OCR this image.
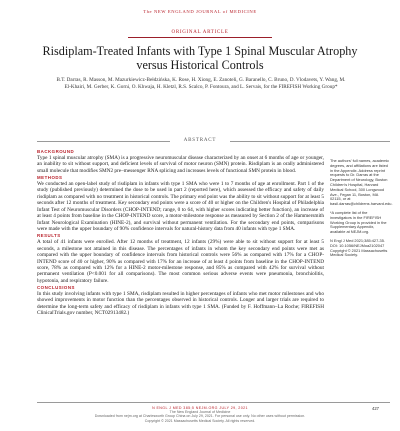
The NEW ENGLAND JOURNAL of MEDICINE
ORIGINAL ARTICLE
Risdiplam-Treated Infants with Type 1 Spinal Muscular Atrophy versus Historical Controls
B.T. Darras, R. Masson, M. Mazurkiewicz-Bełdzińska, K. Rose, H. Xiong, E. Zanoteli, G. Baranello, C. Bruno, D. Vlodavets, Y. Wang, M. El-Khairi, M. Gerber, K. Gorni, O. Khwaja, H. Kletzl, R.S. Scalco, P. Fontoura, and L. Servais, for the FIREFISH Working Group*
ABSTRACT

BACKGROUND

Type 1 spinal muscular atrophy (SMA) is a progressive neuromuscular disease characterized by an onset at 6 months of age or younger, an inability to sit without support, and deficient levels of survival of motor neuron (SMN) protein. Risdiplam is an orally administered small molecule that modifies SMN2 pre–messenger RNA splicing and increases levels of functional SMN protein in blood.

METHODS

We conducted an open-label study of risdiplam in infants with type 1 SMA who were 1 to 7 months of age at enrollment. Part 1 of the study (published previously) determined the dose to be used in part 2 (reported here), which assessed the efficacy and safety of daily risdiplam as compared with no treatment in historical controls. The primary end point was the ability to sit without support for at least 5 seconds after 12 months of treatment. Key secondary end points were a score of 40 or higher on the Children's Hospital of Philadelphia Infant Test of Neuromuscular Disorders (CHOP-INTEND; range, 0 to 64, with higher scores indicating better function), an increase of at least 4 points from baseline in the CHOP-INTEND score, a motor-milestone response as measured by Section 2 of the Hammersmith Infant Neurological Examination (HINE-2), and survival without permanent ventilation. For the secondary end points, comparisons were made with the upper boundary of 90% confidence intervals for natural-history data from 40 infants with type 1 SMA.

RESULTS

A total of 41 infants were enrolled. After 12 months of treatment, 12 infants (29%) were able to sit without support for at least 5 seconds, a milestone not attained in this disease. The percentages of infants in whom the key secondary end points were met as compared with the upper boundary of confidence intervals from historical controls were 56% as compared with 17% for a CHOP-INTEND score of 40 or higher, 90% as compared with 17% for an increase of at least 4 points from baseline in the CHOP-INTEND score, 78% as compared with 12% for a HINE-2 motor-milestone response, and 85% as compared with 42% for survival without permanent ventilation (P<0.001 for all comparisons). The most common serious adverse events were pneumonia, bronchiolitis, hypotonia, and respiratory failure.

CONCLUSIONS

In this study involving infants with type 1 SMA, risdiplam resulted in higher percentages of infants who met motor milestones and who showed improvements in motor function than the percentages observed in historical controls. Longer and larger trials are required to determine the long-term safety and efficacy of risdiplam in infants with type 1 SMA. (Funded by F. Hoffmann–La Roche; FIREFISH ClinicalTrials.gov number, NCT02913482.)

The authors' full names, academic degrees, and affiliations are listed in the Appendix. Address reprint requests to Dr. Darras at the Department of Neurology, Boston Children's Hospital, Harvard Medical School, 300 Longwood Ave., Fegan 11, Boston, MA 02115, or at basil.darras@childrens.harvard.edu.

*A complete list of the investigators in the FIREFISH Working Group is provided in the Supplementary Appendix, available at NEJM.org.

N Engl J Med 2021;385:427-35. DOI: 10.1056/NEJMoa2102047 Copyright © 2021 Massachusetts Medical Society.

N ENGL J MED 385;5 NEJM.ORG JULY 29, 2021	427
The New England Journal of Medicine
Downloaded from nejm.org at Charlesworth Group China on July 29, 2021. For personal use only. No other uses without permission.
Copyright © 2021 Massachusetts Medical Society. All rights reserved.
